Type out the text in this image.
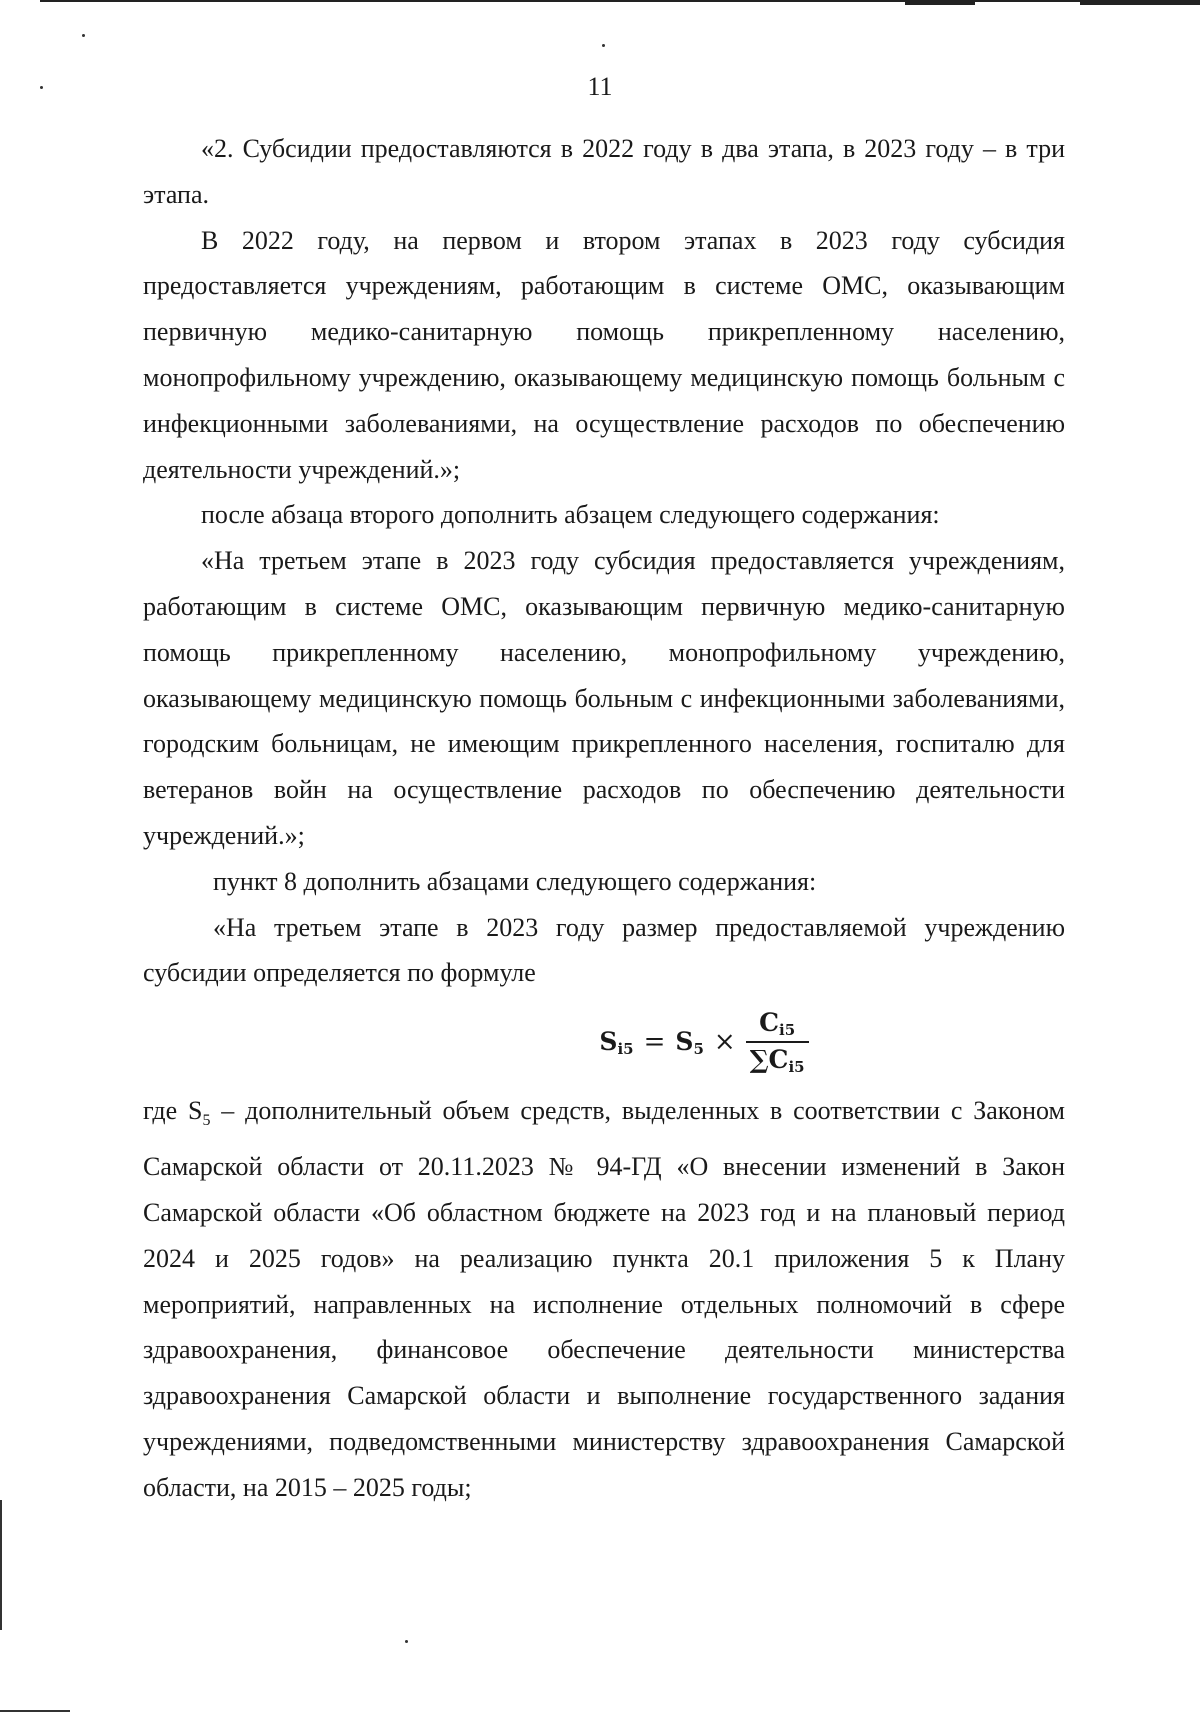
11

«2. Субсидии предоставляются в 2022 году в два этапа, в 2023 году – в три этапа.

В 2022 году, на первом и втором этапах в 2023 году субсидия предоставляется учреждениям, работающим в системе ОМС, оказывающим первичную медико-санитарную помощь прикрепленному населению, монопрофильному учреждению, оказывающему медицинскую помощь больным с инфекционными заболеваниями, на осуществление расходов по обеспечению деятельности учреждений.»;

после абзаца второго дополнить абзацем следующего содержания:

«На третьем этапе в 2023 году субсидия предоставляется учреждениям, работающим в системе ОМС, оказывающим первичную медико-санитарную помощь прикрепленному населению, монопрофильному учреждению, оказывающему медицинскую помощь больным с инфекционными заболеваниями, городским больницам, не имеющим прикрепленного населения, госпиталю для ветеранов войн на осуществление расходов по обеспечению деятельности учреждений.»;

пункт 8 дополнить абзацами следующего содержания:

«На третьем этапе в 2023 году размер предоставляемой учреждению субсидии определяется по формуле

$S_{i5} = S_5 \times \frac{C_{i5}}{\sum C_{i5}}$

где $S_5$ – дополнительный объем средств, выделенных в соответствии с Законом Самарской области от 20.11.2023 № 94-ГД «О внесении изменений в Закон Самарской области «Об областном бюджете на 2023 год и на плановый период 2024 и 2025 годов» на реализацию пункта 20.1 приложения 5 к Плану мероприятий, направленных на исполнение отдельных полномочий в сфере здравоохранения, финансовое обеспечение деятельности министерства здравоохранения Самарской области и выполнение государственного задания учреждениями, подведомственными министерству здравоохранения Самарской области, на 2015 – 2025 годы;
